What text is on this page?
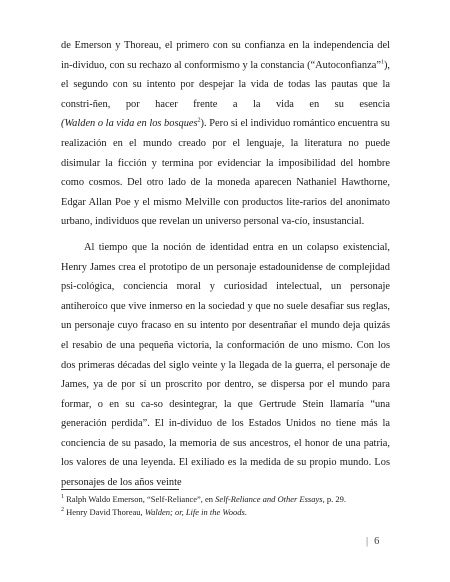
de Emerson y Thoreau, el primero con su confianza en la independencia del in-dividuo, con su rechazo al conformismo y la constancia (“Autoconfianza”$^1$), el segundo con su intento por despejar la vida de todas las pautas que la constri-ñen, por hacer frente a la vida en su esencia (Walden o la vida en los bosques$^2$). Pero si el individuo romántico encuentra su realización en el mundo creado por el lenguaje, la literatura no puede disimular la ficción y termina por evidenciar la imposibilidad del hombre como cosmos. Del otro lado de la moneda aparecen Nathaniel Hawthorne, Edgar Allan Poe y el mismo Melville con productos lite-rarios del anonimato urbano, individuos que revelan un universo personal va-cío, insustancial.

Al tiempo que la noción de identidad entra en un colapso existencial, Henry James crea el prototipo de un personaje estadounidense de complejidad psi-cológica, conciencia moral y curiosidad intelectual, un personaje antiheroico que vive inmerso en la sociedad y que no suele desafiar sus reglas, un personaje cuyo fracaso en su intento por desentrañar el mundo deja quizás el resabio de una pequeña victoria, la conformación de uno mismo. Con los dos primeras décadas del siglo veinte y la llegada de la guerra, el personaje de James, ya de por sí un proscrito por dentro, se dispersa por el mundo para formar, o en su ca-so desintegrar, la que Gertrude Stein llamaría “una generación perdida”. El in-dividuo de los Estados Unidos no tiene más la conciencia de su pasado, la memoria de sus ancestros, el honor de una patria, los valores de una leyenda. El exiliado es la medida de su propio mundo. Los personajes de los años veinte

$^1$ Ralph Waldo Emerson, “Self-Reliance”, en Self-Reliance and Other Essays, p. 29.
$^2$ Henry David Thoreau, Walden; or, Life in the Woods.
| 6
